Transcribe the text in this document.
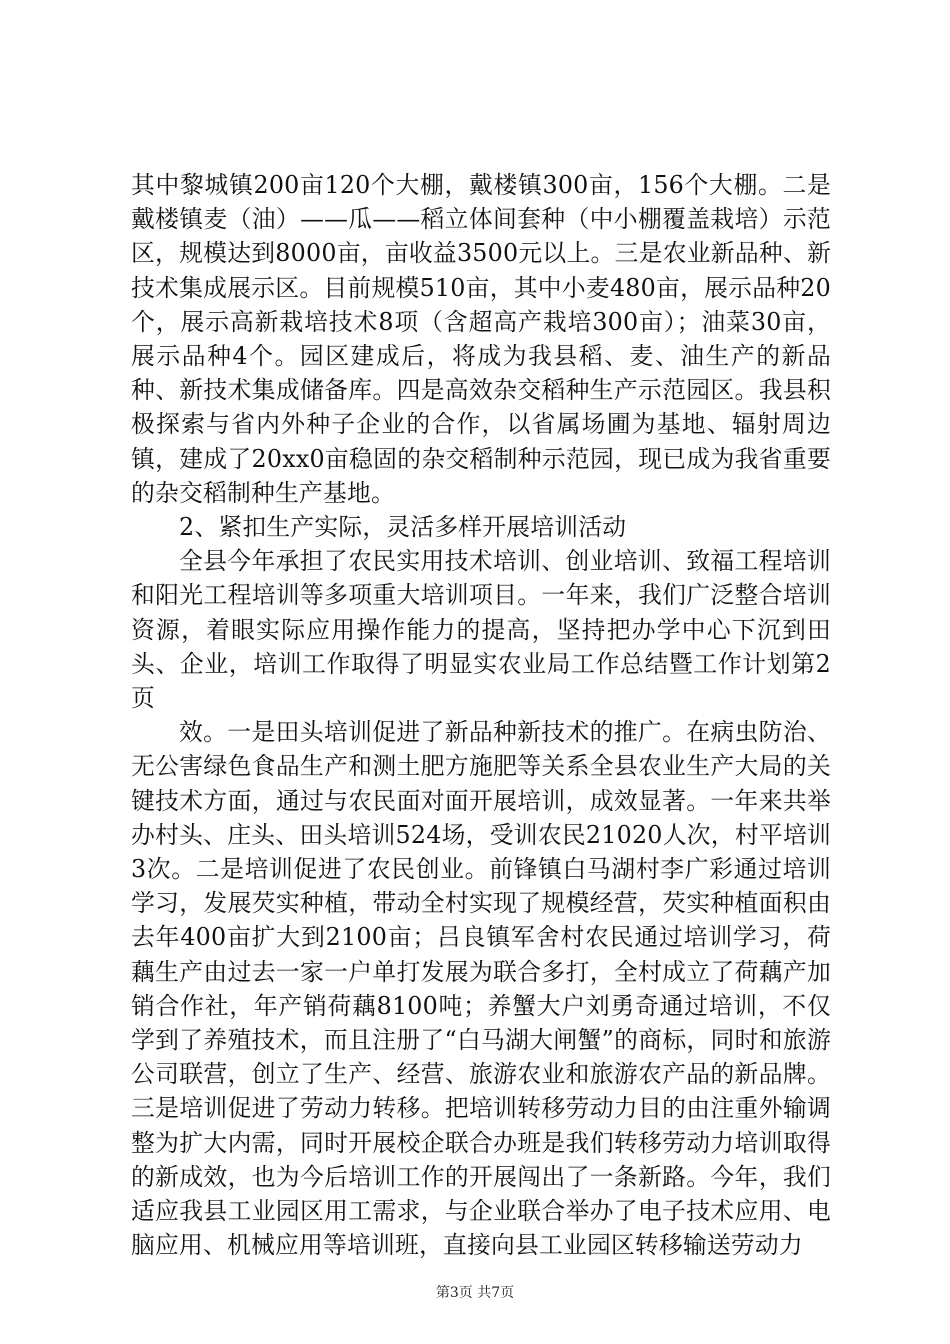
其中黎城镇200亩120个大棚，戴楼镇300亩，156个大棚。二是戴楼镇麦（油）——瓜——稻立体间套种（中小棚覆盖栽培）示范区，规模达到8000亩，亩收益3500元以上。三是农业新品种、新技术集成展示区。目前规模510亩，其中小麦480亩，展示品种20个，展示高新栽培技术8项（含超高产栽培300亩）；油菜30亩，展示品种4个。园区建成后，将成为我县稻、麦、油生产的新品种、新技术集成储备库。四是高效杂交稻种生产示范园区。我县积极探索与省内外种子企业的合作，以省属场圃为基地、辐射周边镇，建成了20xx0亩稳固的杂交稻制种示范园，现已成为我省重要的杂交稻制种生产基地。

2、紧扣生产实际，灵活多样开展培训活动

全县今年承担了农民实用技术培训、创业培训、致福工程培训和阳光工程培训等多项重大培训项目。一年来，我们广泛整合培训资源，着眼实际应用操作能力的提高，坚持把办学中心下沉到田头、企业，培训工作取得了明显实农业局工作总结暨工作计划第2页

效。一是田头培训促进了新品种新技术的推广。在病虫防治、无公害绿色食品生产和测土肥方施肥等关系全县农业生产大局的关键技术方面，通过与农民面对面开展培训，成效显著。一年来共举办村头、庄头、田头培训524场，受训农民21020人次，村平培训3次。二是培训促进了农民创业。前锋镇白马湖村李广彩通过培训学习，发展芡实种植，带动全村实现了规模经营，芡实种植面积由去年400亩扩大到2100亩；吕良镇军舍村农民通过培训学习，荷藕生产由过去一家一户单打发展为联合多打，全村成立了荷藕产加销合作社，年产销荷藕8100吨；养蟹大户刘勇奇通过培训，不仅学到了养殖技术，而且注册了“白马湖大闸蟹”的商标，同时和旅游公司联营，创立了生产、经营、旅游农业和旅游农产品的新品牌。三是培训促进了劳动力转移。把培训转移劳动力目的由注重外输调整为扩大内需，同时开展校企联合办班是我们转移劳动力培训取得的新成效，也为今后培训工作的开展闯出了一条新路。今年，我们适应我县工业园区用工需求，与企业联合举办了电子技术应用、电脑应用、机械应用等培训班，直接向县工业园区转移输送劳动力

第3页 共7页
